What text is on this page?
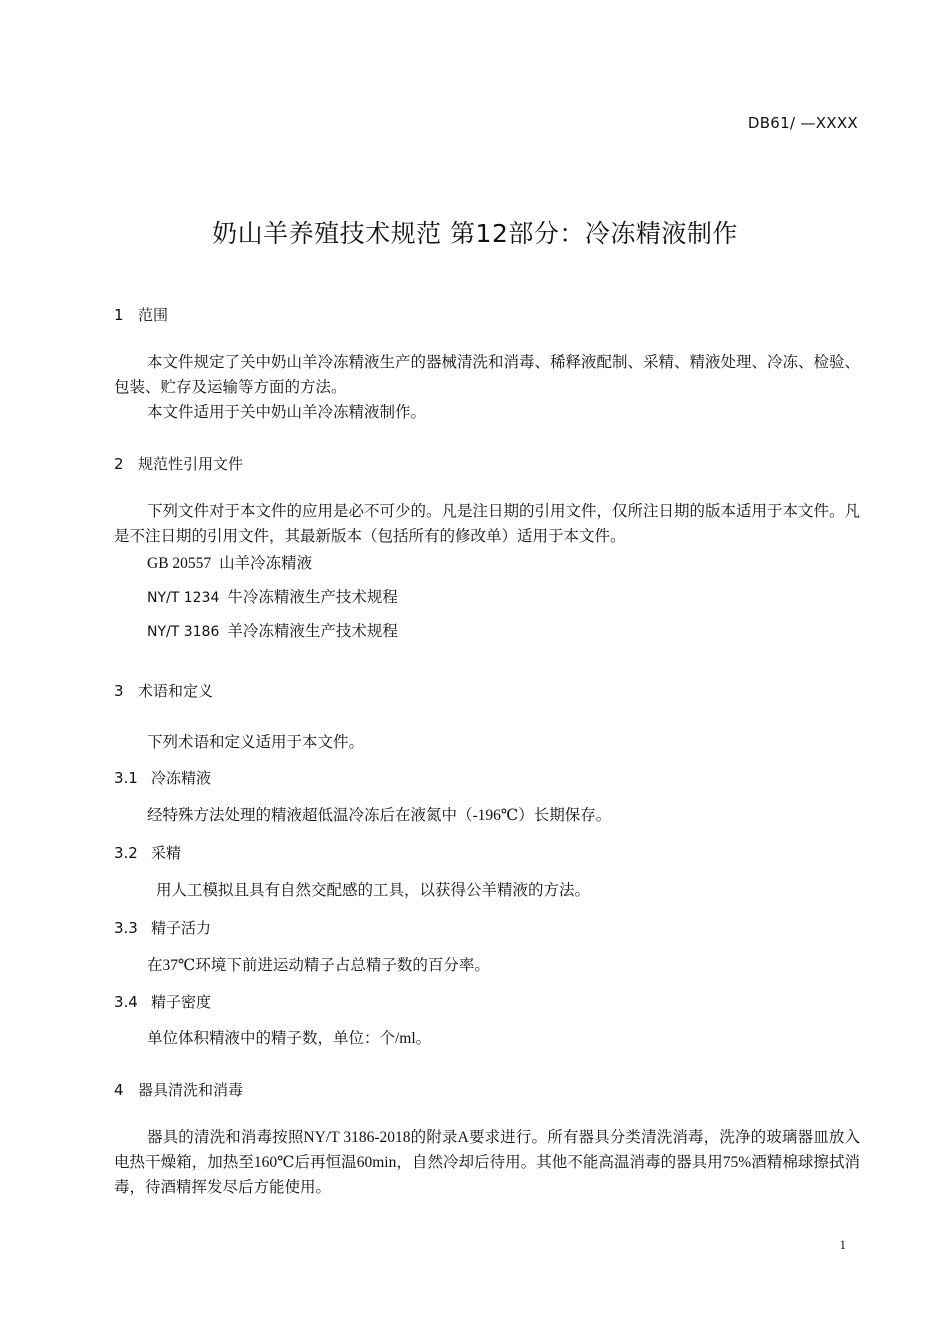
DB61/ —XXXX
奶山羊养殖技术规范 第12部分：冷冻精液制作
1 范围

本文件规定了关中奶山羊冷冻精液生产的器械清洗和消毒、稀释液配制、采精、精液处理、冷冻、检验、包装、贮存及运输等方面的方法。

本文件适用于关中奶山羊冷冻精液制作。

2 规范性引用文件

下列文件对于本文件的应用是必不可少的。凡是注日期的引用文件，仅所注日期的版本适用于本文件。凡是不注日期的引用文件，其最新版本（包括所有的修改单）适用于本文件。

GB 20557 山羊冷冻精液
NY/T 1234 牛冷冻精液生产技术规程
NY/T 3186 羊冷冻精液生产技术规程
3 术语和定义
下列术语和定义适用于本文件。
3.1 冷冻精液
经特殊方法处理的精液超低温冷冻后在液氮中（-196℃）长期保存。
3.2 采精
用人工模拟且具有自然交配感的工具，以获得公羊精液的方法。
3.3 精子活力
在37℃环境下前进运动精子占总精子数的百分率。
3.4 精子密度
单位体积精液中的精子数，单位：个/ml。
4 器具清洗和消毒

器具的清洗和消毒按照NY/T 3186-2018的附录A要求进行。所有器具分类清洗消毒，洗净的玻璃器皿放入电热干燥箱，加热至160℃后再恒温60min，自然冷却后待用。其他不能高温消毒的器具用75%酒精棉球擦拭消毒，待酒精挥发尽后方能使用。

1
